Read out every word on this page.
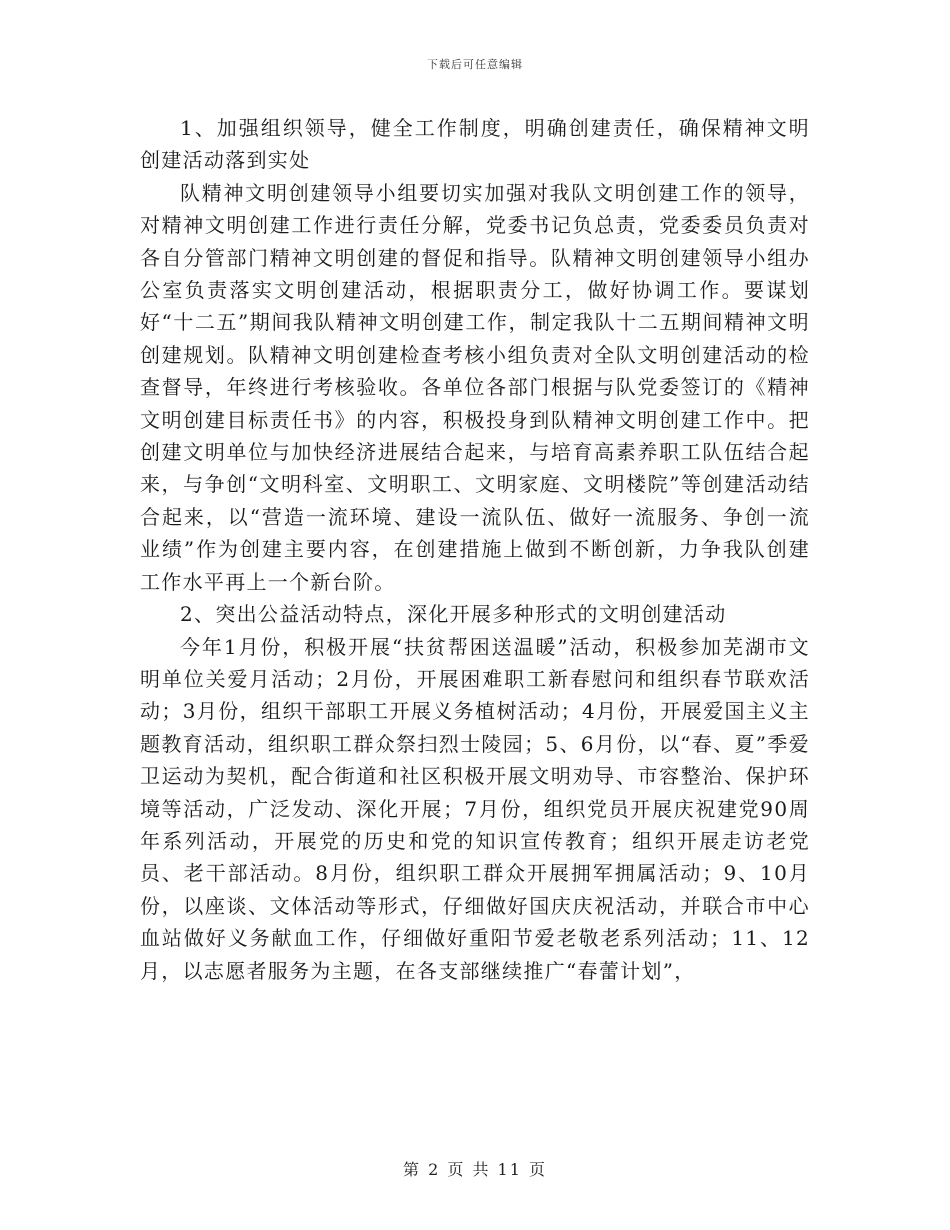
下载后可任意编辑

1、加强组织领导，健全工作制度，明确创建责任，确保精神文明创建活动落到实处

队精神文明创建领导小组要切实加强对我队文明创建工作的领导，对精神文明创建工作进行责任分解，党委书记负总责，党委委员负责对各自分管部门精神文明创建的督促和指导。队精神文明创建领导小组办公室负责落实文明创建活动，根据职责分工，做好协调工作。要谋划好“十二五”期间我队精神文明创建工作，制定我队十二五期间精神文明创建规划。队精神文明创建检查考核小组负责对全队文明创建活动的检查督导，年终进行考核验收。各单位各部门根据与队党委签订的《精神文明创建目标责任书》的内容，积极投身到队精神文明创建工作中。把创建文明单位与加快经济进展结合起来，与培育高素养职工队伍结合起来，与争创“文明科室、文明职工、文明家庭、文明楼院”等创建活动结合起来，以“营造一流环境、建设一流队伍、做好一流服务、争创一流业绩”作为创建主要内容，在创建措施上做到不断创新，力争我队创建工作水平再上一个新台阶。

2、突出公益活动特点，深化开展多种形式的文明创建活动

今年1月份，积极开展“扶贫帮困送温暖”活动，积极参加芜湖市文明单位关爱月活动；2月份，开展困难职工新春慰问和组织春节联欢活动；3月份，组织干部职工开展义务植树活动；4月份，开展爱国主义主题教育活动，组织职工群众祭扫烈士陵园；5、6月份，以“春、夏”季爱卫运动为契机，配合街道和社区积极开展文明劝导、市容整治、保护环境等活动，广泛发动、深化开展；7月份，组织党员开展庆祝建党90周年系列活动，开展党的历史和党的知识宣传教育；组织开展走访老党员、老干部活动。8月份，组织职工群众开展拥军拥属活动；9、10月份，以座谈、文体活动等形式，仔细做好国庆庆祝活动，并联合市中心血站做好义务献血工作，仔细做好重阳节爱老敬老系列活动；11、12月，以志愿者服务为主题，在各支部继续推广“春蕾计划”，

第 2 页 共 11 页
